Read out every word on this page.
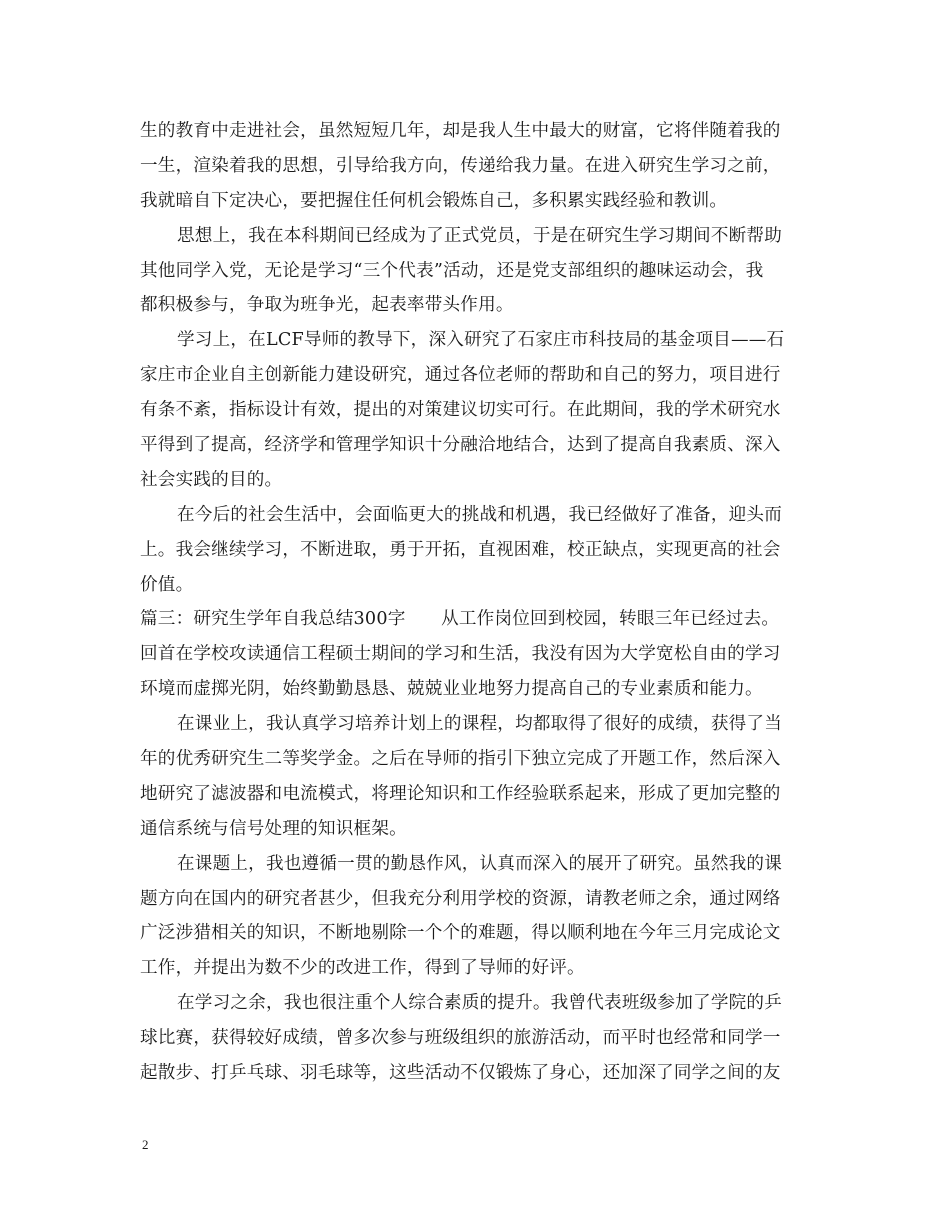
生的教育中走进社会，虽然短短几年，却是我人生中最大的财富，它将伴随着我的
一生，渲染着我的思想，引导给我方向，传递给我力量。在进入研究生学习之前，
我就暗自下定决心，要把握住任何机会锻炼自己，多积累实践经验和教训。
思想上，我在本科期间已经成为了正式党员，于是在研究生学习期间不断帮助
其他同学入党，无论是学习“三个代表”活动，还是党支部组织的趣味运动会，我
都积极参与，争取为班争光，起表率带头作用。
学习上，在LCF导师的教导下，深入研究了石家庄市科技局的基金项目——石
家庄市企业自主创新能力建设研究，通过各位老师的帮助和自己的努力，项目进行
有条不紊，指标设计有效，提出的对策建议切实可行。在此期间，我的学术研究水
平得到了提高，经济学和管理学知识十分融洽地结合，达到了提高自我素质、深入
社会实践的目的。
在今后的社会生活中，会面临更大的挑战和机遇，我已经做好了准备，迎头而
上。我会继续学习，不断进取，勇于开拓，直视困难，校正缺点，实现更高的社会
价值。
篇三：研究生学年自我总结300字　　从工作岗位回到校园，转眼三年已经过去。
回首在学校攻读通信工程硕士期间的学习和生活，我没有因为大学宽松自由的学习
环境而虚掷光阴，始终勤勤恳恳、兢兢业业地努力提高自己的专业素质和能力。
在课业上，我认真学习培养计划上的课程，均都取得了很好的成绩，获得了当
年的优秀研究生二等奖学金。之后在导师的指引下独立完成了开题工作，然后深入
地研究了滤波器和电流模式，将理论知识和工作经验联系起来，形成了更加完整的
通信系统与信号处理的知识框架。
在课题上，我也遵循一贯的勤恳作风，认真而深入的展开了研究。虽然我的课
题方向在国内的研究者甚少，但我充分利用学校的资源，请教老师之余，通过网络
广泛涉猎相关的知识，不断地剔除一个个的难题，得以顺利地在今年三月完成论文
工作，并提出为数不少的改进工作，得到了导师的好评。
在学习之余，我也很注重个人综合素质的提升。我曾代表班级参加了学院的乒
球比赛，获得较好成绩，曾多次参与班级组织的旅游活动，而平时也经常和同学一
起散步、打乒乓球、羽毛球等，这些活动不仅锻炼了身心，还加深了同学之间的友
2
